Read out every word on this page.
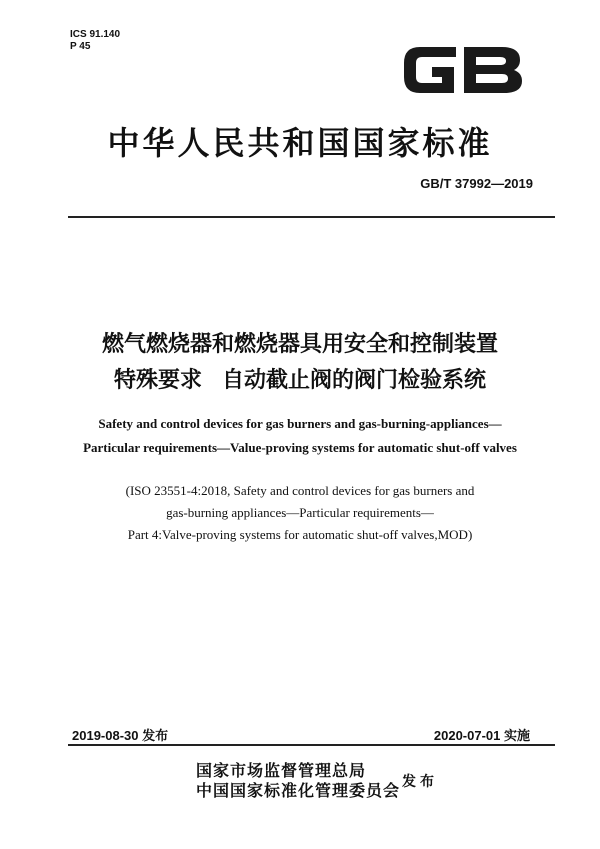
ICS 91.140
P 45
中华人民共和国国家标准
GB/T 37992—2019
燃气燃烧器和燃烧器具用安全和控制装置
特殊要求 自动截止阀的阀门检验系统
Safety and control devices for gas burners and gas-burning-appliances—
Particular requirements—Value-proving systems for automatic shut-off valves
(ISO 23551-4:2018, Safety and control devices for gas burners and
gas-burning appliances—Particular requirements—
Part 4:Valve-proving systems for automatic shut-off valves,MOD)
2019-08-30 发布	2020-07-01 实施
国家市场监督管理总局
中国国家标准化管理委员会 发布
